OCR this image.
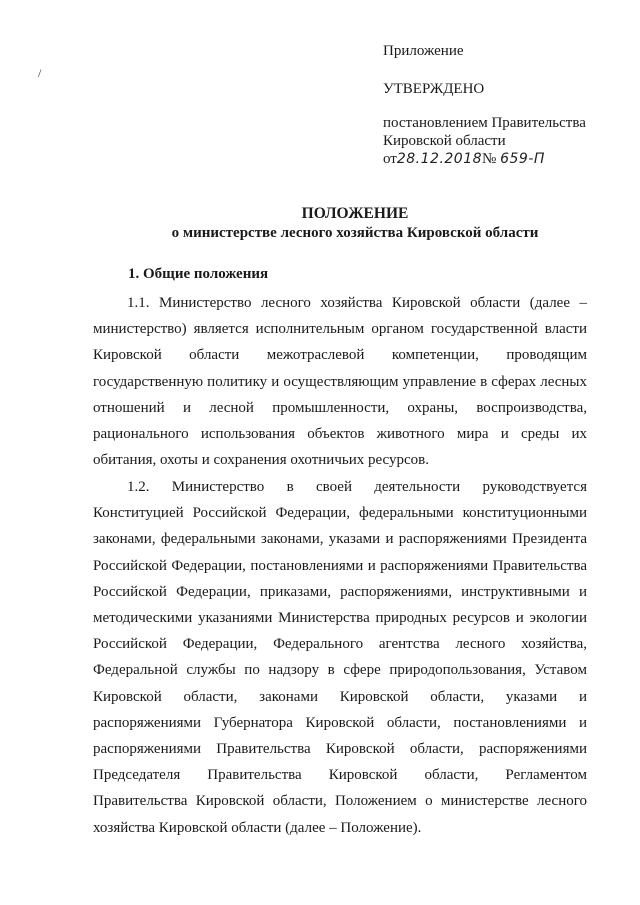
/
Приложение
УТВЕРЖДЕНО
постановлением Правительства
Кировской области
от28.12.2018№ 659-П
ПОЛОЖЕНИЕ
о министерстве лесного хозяйства Кировской области
1. Общие положения
1.1. Министерство лесного хозяйства Кировской области (далее – министерство) является исполнительным органом государственной власти Кировской области межотраслевой компетенции, проводящим государственную политику и осуществляющим управление в сферах лесных отношений и лесной промышленности, охраны, воспроизводства, рационального использования объектов животного мира и среды их обитания, охоты и сохранения охотничьих ресурсов.
1.2. Министерство в своей деятельности руководствуется Конституцией Российской Федерации, федеральными конституционными законами, федеральными законами, указами и распоряжениями Президента Российской Федерации, постановлениями и распоряжениями Правительства Российской Федерации, приказами, распоряжениями, инструктивными и методическими указаниями Министерства природных ресурсов и экологии Российской Федерации, Федерального агентства лесного хозяйства, Федеральной службы по надзору в сфере природопользования, Уставом Кировской области, законами Кировской области, указами и распоряжениями Губернатора Кировской области, постановлениями и распоряжениями Правительства Кировской области, распоряжениями Председателя Правительства Кировской области, Регламентом Правительства Кировской области, Положением о министерстве лесного хозяйства Кировской области (далее – Положение).
